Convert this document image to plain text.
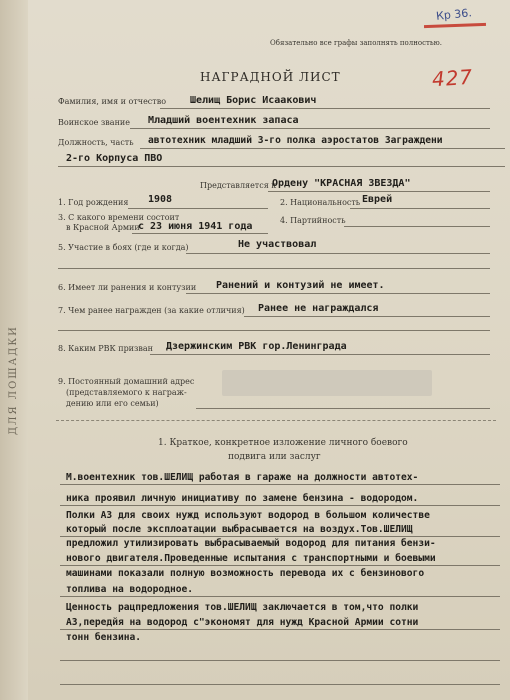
ДЛЯ ЛОШАДКИ
Кр 36.
Обязательно все графы заполнять полностью.
427
НАГРАДНОЙ ЛИСТ
Фамилия, имя и отчество Шелищ Борис Исаакович
Воинское звание Младший воентехник запаса
Должность, часть автотехник младший 3-го полка аэростатов Заграждени
2-го Корпуса ПВО
Представляется к
Ордену "КРАСНАЯ ЗВЕЗДА"
1. Год рождения 1908	2. Национальность Еврей
3. С какого времени состоит
в Красной Армии
с 23 июня 1941 года
4. Партийность
5. Участие в боях (где и когда)	Не участвовал
6. Имеет ли ранения и контузии Ранений и контузий не имеет.
7. Чем ранее награжден (за какие отличия) Ранее не награждался
8. Каким РВК призван Дзержинским РВК гор.Ленинграда
9. Постоянный домашний адрес
(представляемого к награж-
дению или его семьи)
1. Краткое, конкретное изложение личного боевого
подвига или заслуг
М.воентехник тов.ШЕЛИЩ работая в гараже на должности автотех-
ника проявил личную инициативу по замене бензина - водородом.
Полки АЗ для своих нужд используют водород в большом количестве
который после эксплоатации выбрасывается на воздух.Тов.ШЕЛИЩ
предложил утилизировать выбрасываемый водород для питания бензи-
нового двигателя.Проведенные испытания с транспортными и боевыми
машинами показали полную возможность перевода их с бензинового
топлива на водородное.
Ценность рацпредложения тов.ШЕЛИЩ заключается в том,что полки
АЗ,передйя на водород с"экономят для нужд Красной Армии сотни
тонн бензина.
